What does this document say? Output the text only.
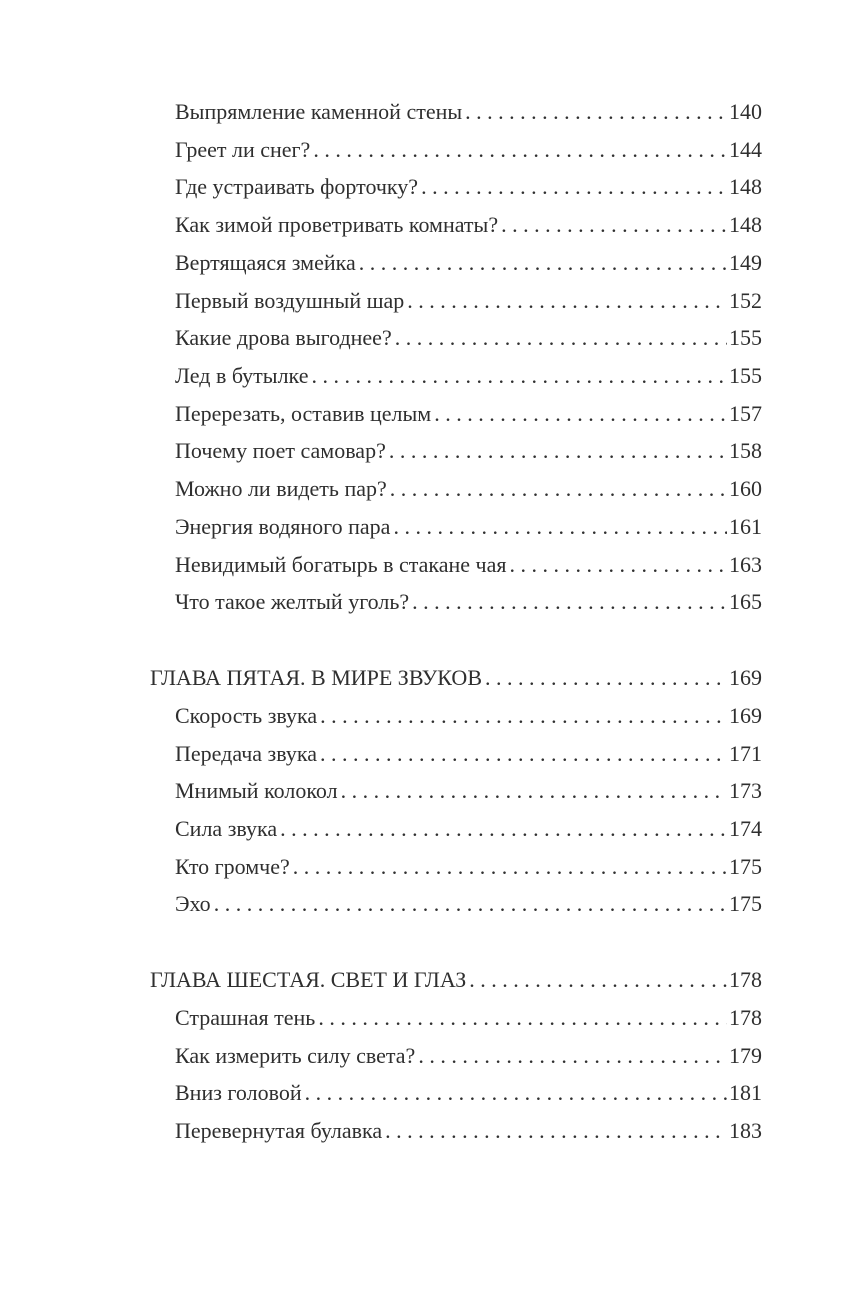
Выпрямление каменной стены .....	140
Греет ли снег? .....	144
Где устраивать форточку? .....	148
Как зимой проветривать комнаты? .....	148
Вертящаяся змейка .....	149
Первый воздушный шар .....	152
Какие дрова выгоднее? .....	155
Лед в бутылке .....	155
Перерезать, оставив целым .....	157
Почему поет самовар? .....	158
Можно ли видеть пар? .....	160
Энергия водяного пара .....	161
Невидимый богатырь в стакане чая .....	163
Что такое желтый уголь? .....	165
ГЛАВА ПЯТАЯ. В МИРЕ ЗВУКОВ .....	169
Скорость звука .....	169
Передача звука .....	171
Мнимый колокол .....	173
Сила звука .....	174
Кто громче? .....	175
Эхо .....	175
ГЛАВА ШЕСТАЯ. СВЕТ И ГЛАЗ .....	178
Страшная тень .....	178
Как измерить силу света? .....	179
Вниз головой .....	181
Перевернутая булавка .....	183
